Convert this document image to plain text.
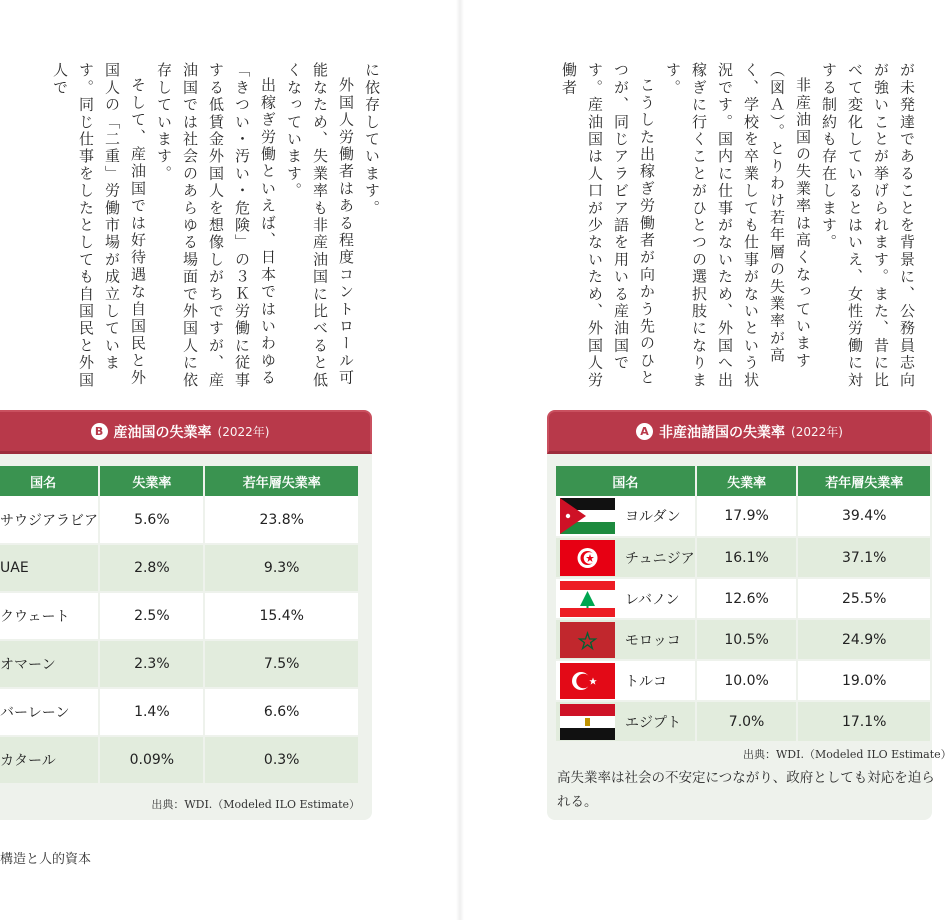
に依存しています。

外国人労働者はある程度コントロール可能なため、失業率も非産油国に比べると低くなっています。

出稼ぎ労働といえば、日本ではいわゆる「きつい・汚い・危険」の３Ｋ労働に従事する低賃金外国人を想像しがちですが、産油国では社会のあらゆる場面で外国人に依存しています。

そして、産油国では好待遇な自国民と外国人の「二重」労働市場が成立しています。同じ仕事をしたとしても自国民と外国人で

B 産油国の失業率 (2022年)
国名	失業率	若年層失業率
サウジアラビア	5.6%	23.8%
UAE	2.8%	9.3%
クウェート	2.5%	15.4%
オマーン	2.3%	7.5%
バーレーン	1.4%	6.6%
カタール	0.09%	0.3%
出典：WDI.（Modeled ILO Estimate）
構造と人的資本

が未発達であることを背景に、公務員志向が強いことが挙げられます。また、昔に比べて変化しているとはいえ、女性労働に対する制約も存在します。

非産油国の失業率は高くなっています（図Ａ）。とりわけ若年層の失業率が高く、学校を卒業しても仕事がないという状況です。国内に仕事がないため、外国へ出稼ぎに行くことがひとつの選択肢になります。

こうした出稼ぎ労働者が向かう先のひとつが、同じアラビア語を用いる産油国です。産油国は人口が少ないため、外国人労働者

A 非産油諸国の失業率 (2022年)
国名	失業率	若年層失業率

ヨルダン	17.9%	39.4%

チュニジア	16.1%	37.1%

レバノン	12.6%	25.5%

モロッコ	10.5%	24.9%

トルコ	10.0%	19.0%

エジプト	7.0%	17.1%
出典：WDI.（Modeled ILO Estimate）
高失業率は社会の不安定につながり、政府としても対応を迫られる。
